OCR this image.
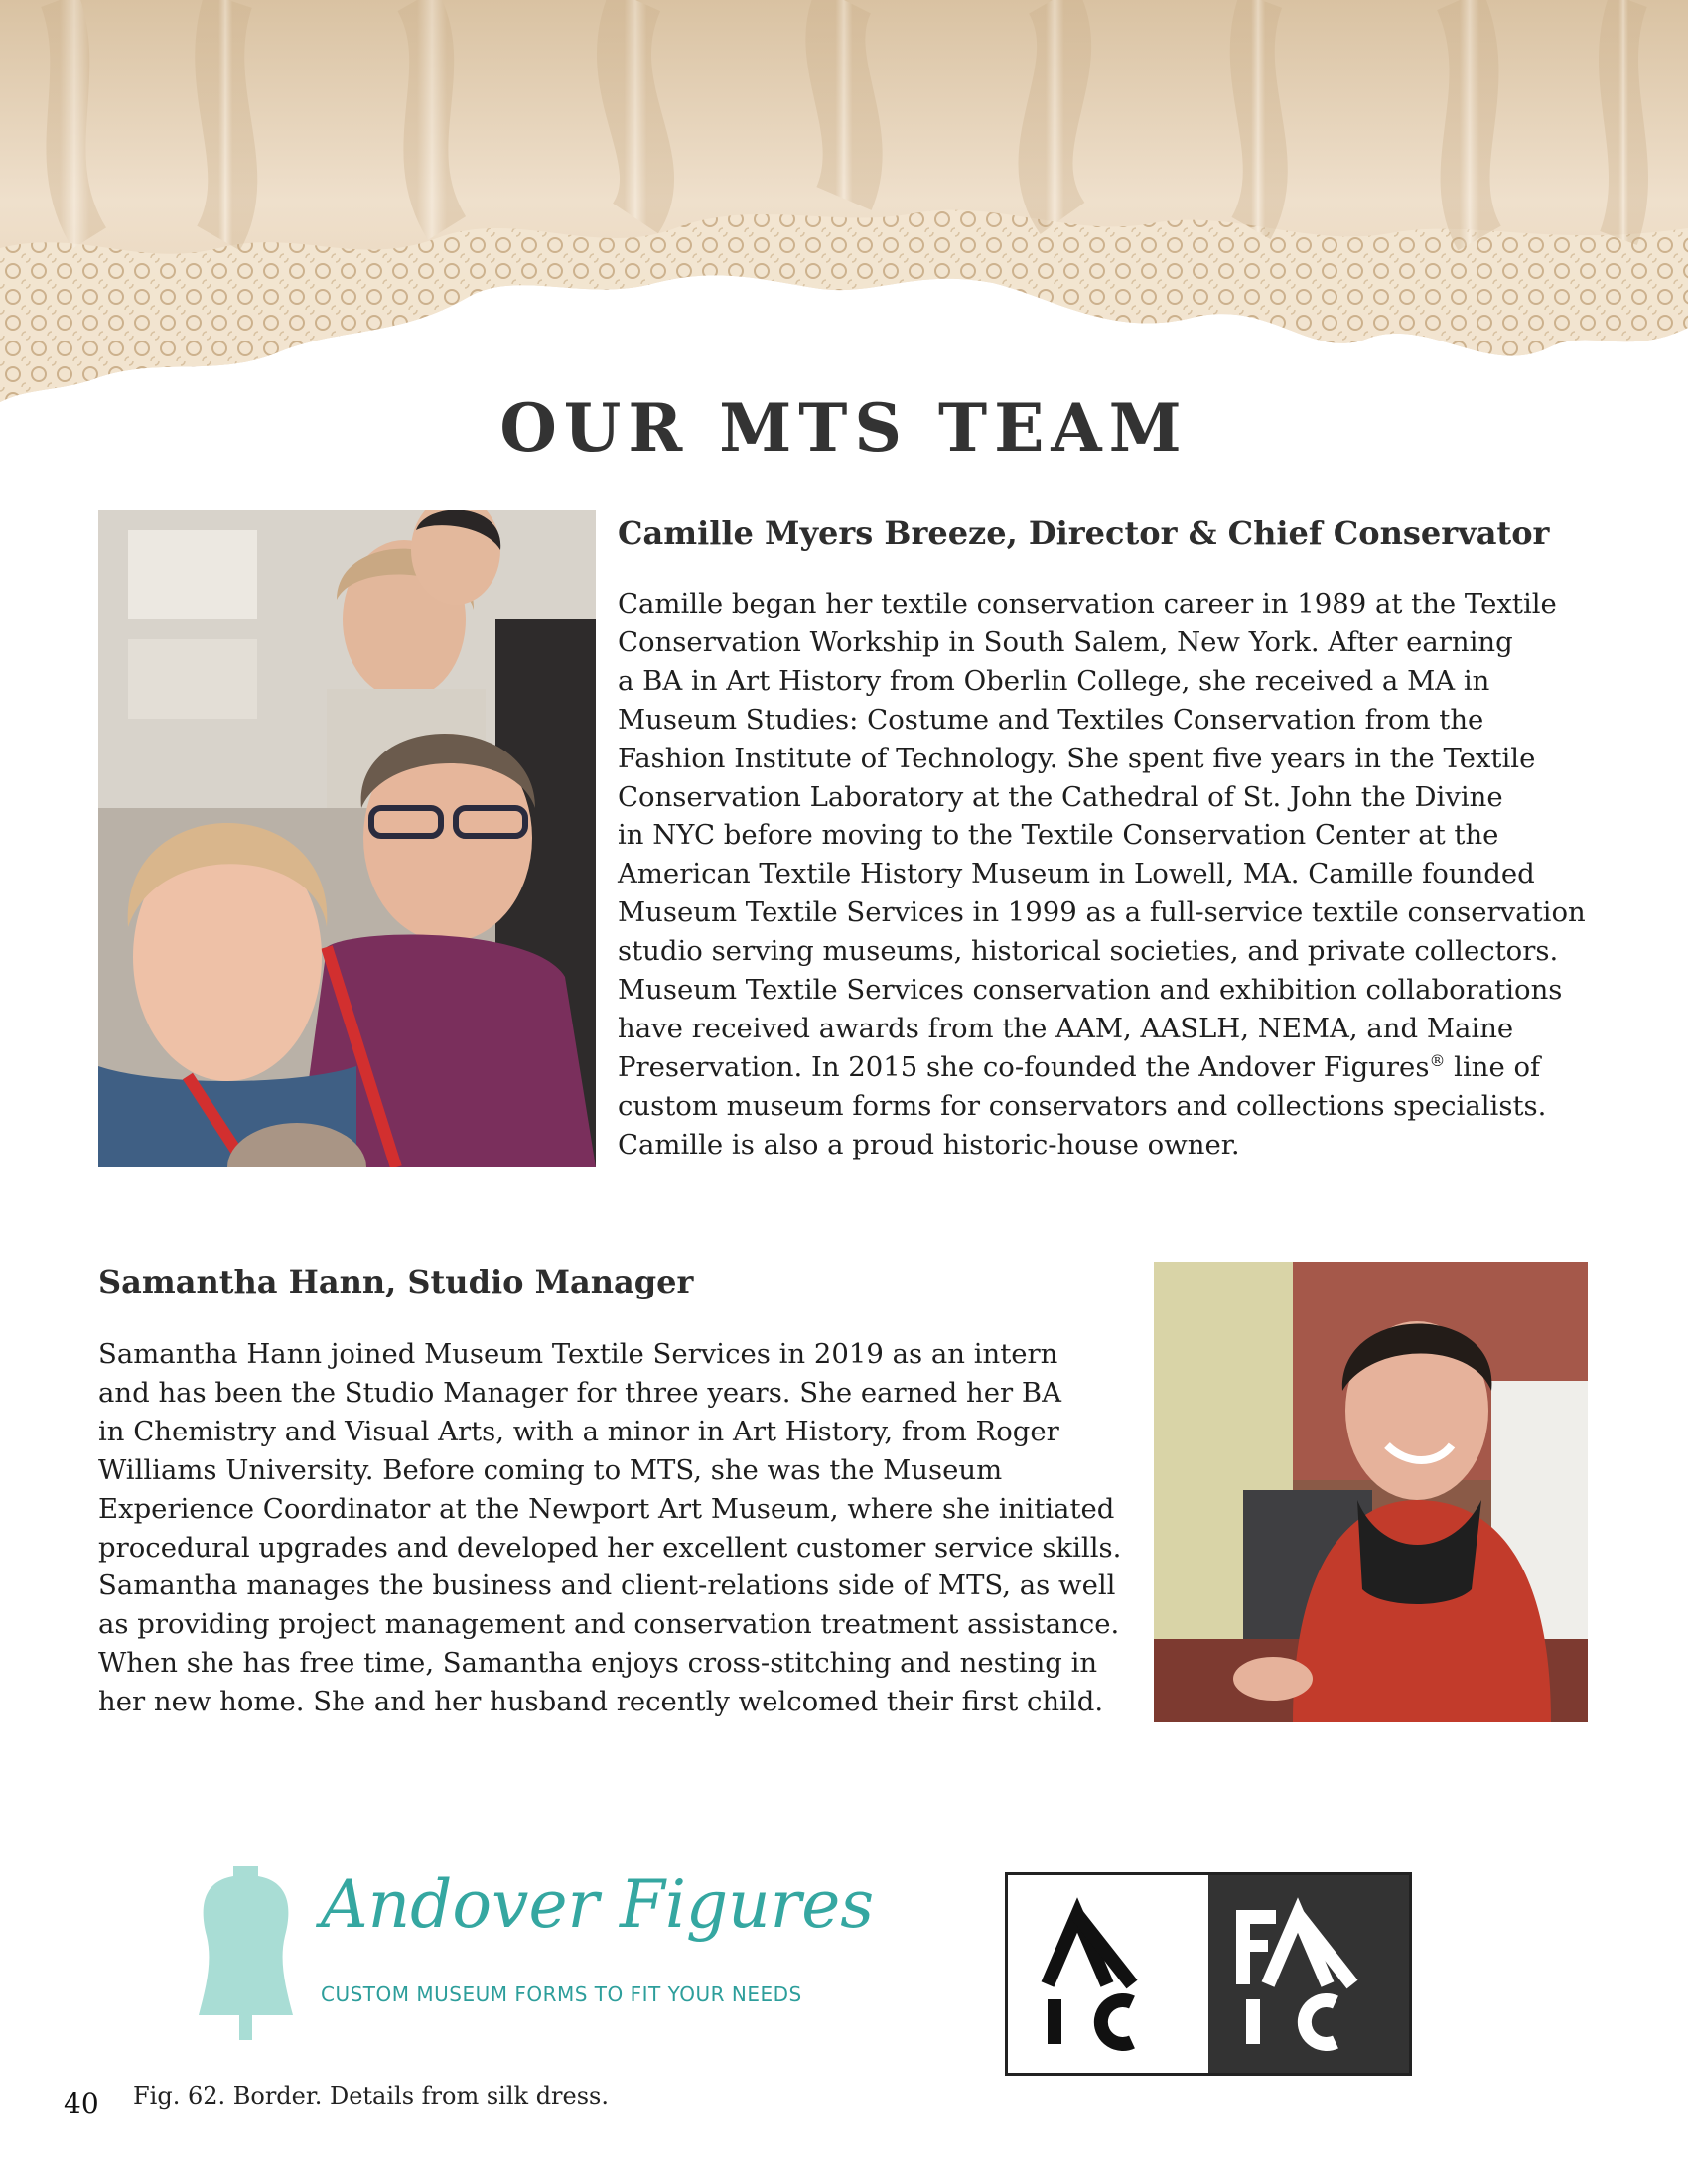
OUR MTS TEAM
Camille Myers Breeze, Director & Chief Conservator
Camille began her textile conservation career in 1989 at the Textile
Conservation Workship in South Salem, New York. After earning
a BA in Art History from Oberlin College, she received a MA in
Museum Studies: Costume and Textiles Conservation from the
Fashion Institute of Technology. She spent five years in the Textile
Conservation Laboratory at the Cathedral of St. John the Divine
in NYC before moving to the Textile Conservation Center at the
American Textile History Museum in Lowell, MA. Camille founded
Museum Textile Services in 1999 as a full-service textile conservation
studio serving museums, historical societies, and private collectors.
Museum Textile Services conservation and exhibition collaborations
have received awards from the AAM, AASLH, NEMA, and Maine
Preservation. In 2015 she co-founded the Andover Figures® line of
custom museum forms for conservators and collections specialists.
Camille is also a proud historic-house owner.
Samantha Hann, Studio Manager
Samantha Hann joined Museum Textile Services in 2019 as an intern
and has been the Studio Manager for three years. She earned her BA
in Chemistry and Visual Arts, with a minor in Art History, from Roger
Williams University. Before coming to MTS, she was the Museum
Experience Coordinator at the Newport Art Museum, where she initiated
procedural upgrades and developed her excellent customer service skills.
Samantha manages the business and client-relations side of MTS, as well
as providing project management and conservation treatment assistance.
When she has free time, Samantha enjoys cross-stitching and nesting in
her new home. She and her husband recently welcomed their first child.
Andover Figures
CUSTOM MUSEUM FORMS TO FIT YOUR NEEDS
40 Fig. 62. Border. Details from silk dress.
